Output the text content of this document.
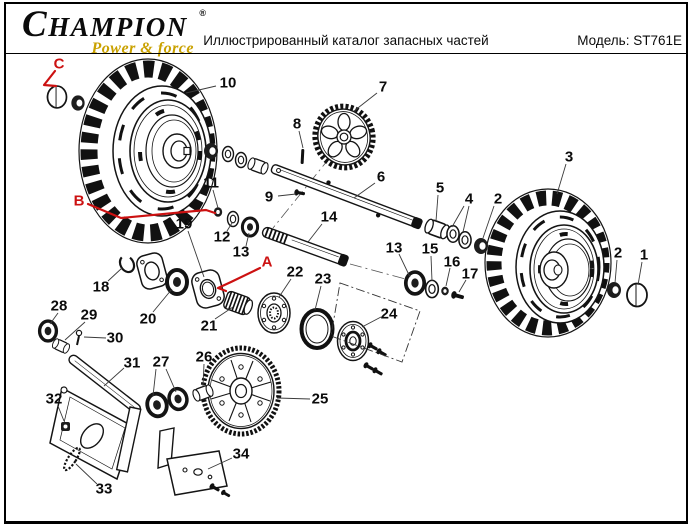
CHAMPION	®
Power & force Иллюстрированный каталог запасных частей	Модель: ST761E
C
10	7
8
3
B
11
9
6
5
4 2
12
13
14
13 15
16
17
19
18
A
20	21
22 23
24
2 1
28
29
30
31 27 26
25
32
33
34
